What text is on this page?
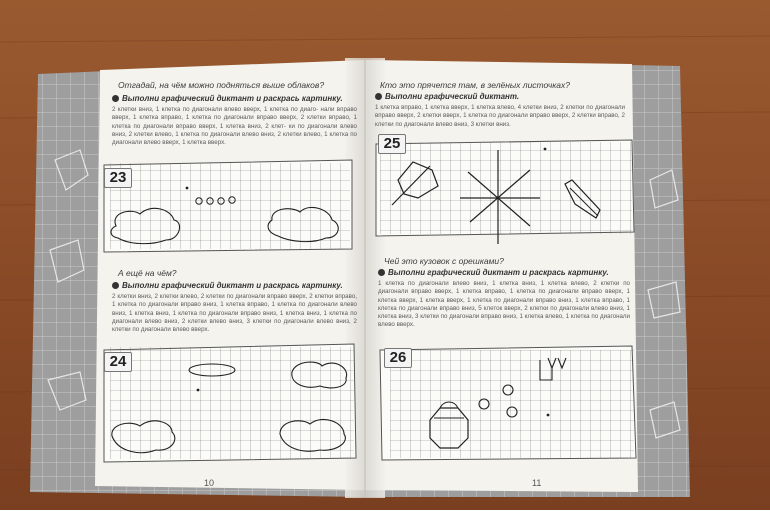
Отгадай, на чём можно подняться выше облаков?
Выполни графический диктант и раскрась картинку.
2 клетки вниз, 1 клетка по диагонали влево вверх, 1 клетка по диаго- нали вправо вверх, 1 клетка вправо, 1 клетка по диагонали вправо вверх, 2 клетки вправо, 1 клетка по диагонали вправо вверх, 1 клетка вниз, 2 клет- ки по диагонали влево вниз, 2 клетки влево, 1 клетка по диагонали влево вниз, 2 клетки влево, 1 клетка по диагонали влево вверх, 1 клетка вверх.
23
А ещё на чём?
Выполни графический диктант и раскрась картинку.
2 клетки вниз, 2 клетки влево, 2 клетки по диагонали вправо вверх, 2 клетки вправо, 1 клетка по диагонали вправо вниз, 1 клетка вправо, 1 клетка по диагонали влево вниз, 1 клетка вниз, 1 клетка по диагонали вправо вниз, 1 клетка вниз, 1 клетка по диагонали влево вниз, 2 клетки влево вниз, 3 клетки по диагонали влево вниз, 2 клетки по диагонали влево вверх.
24
10
Кто это прячется там, в зелёных листочках?
Выполни графический диктант.
1 клетка вправо, 1 клетка вверх, 1 клетка влево, 4 клетки вниз, 2 клетки по диагонали вправо вверх, 2 клетки вверх, 1 клетка по диагонали вправо вверх, 2 клетки вправо, 2 клетки по диагонали влево вниз, 3 клетки вниз.
25
Чей это кузовок с орешками?
Выполни графический диктант и раскрась картинку.
1 клетка по диагонали влево вниз, 1 клетка вниз, 1 клетка влево, 2 клетки по диагонали вправо вверх, 1 клетка вправо, 1 клетка по диагонали вправо вверх, 1 клетка вверх, 1 клетка вверх, 1 клетка по диагонали вправо вниз, 1 клетка вправо, 1 клетка по диагонали вправо вниз, 5 клеток вверх, 2 клетки по диагонали влево вниз, 1 клетка вниз, 3 клетки по диагонали вправо вниз, 1 клетка влево, 1 клетка по диагонали влево вверх.
26
11
